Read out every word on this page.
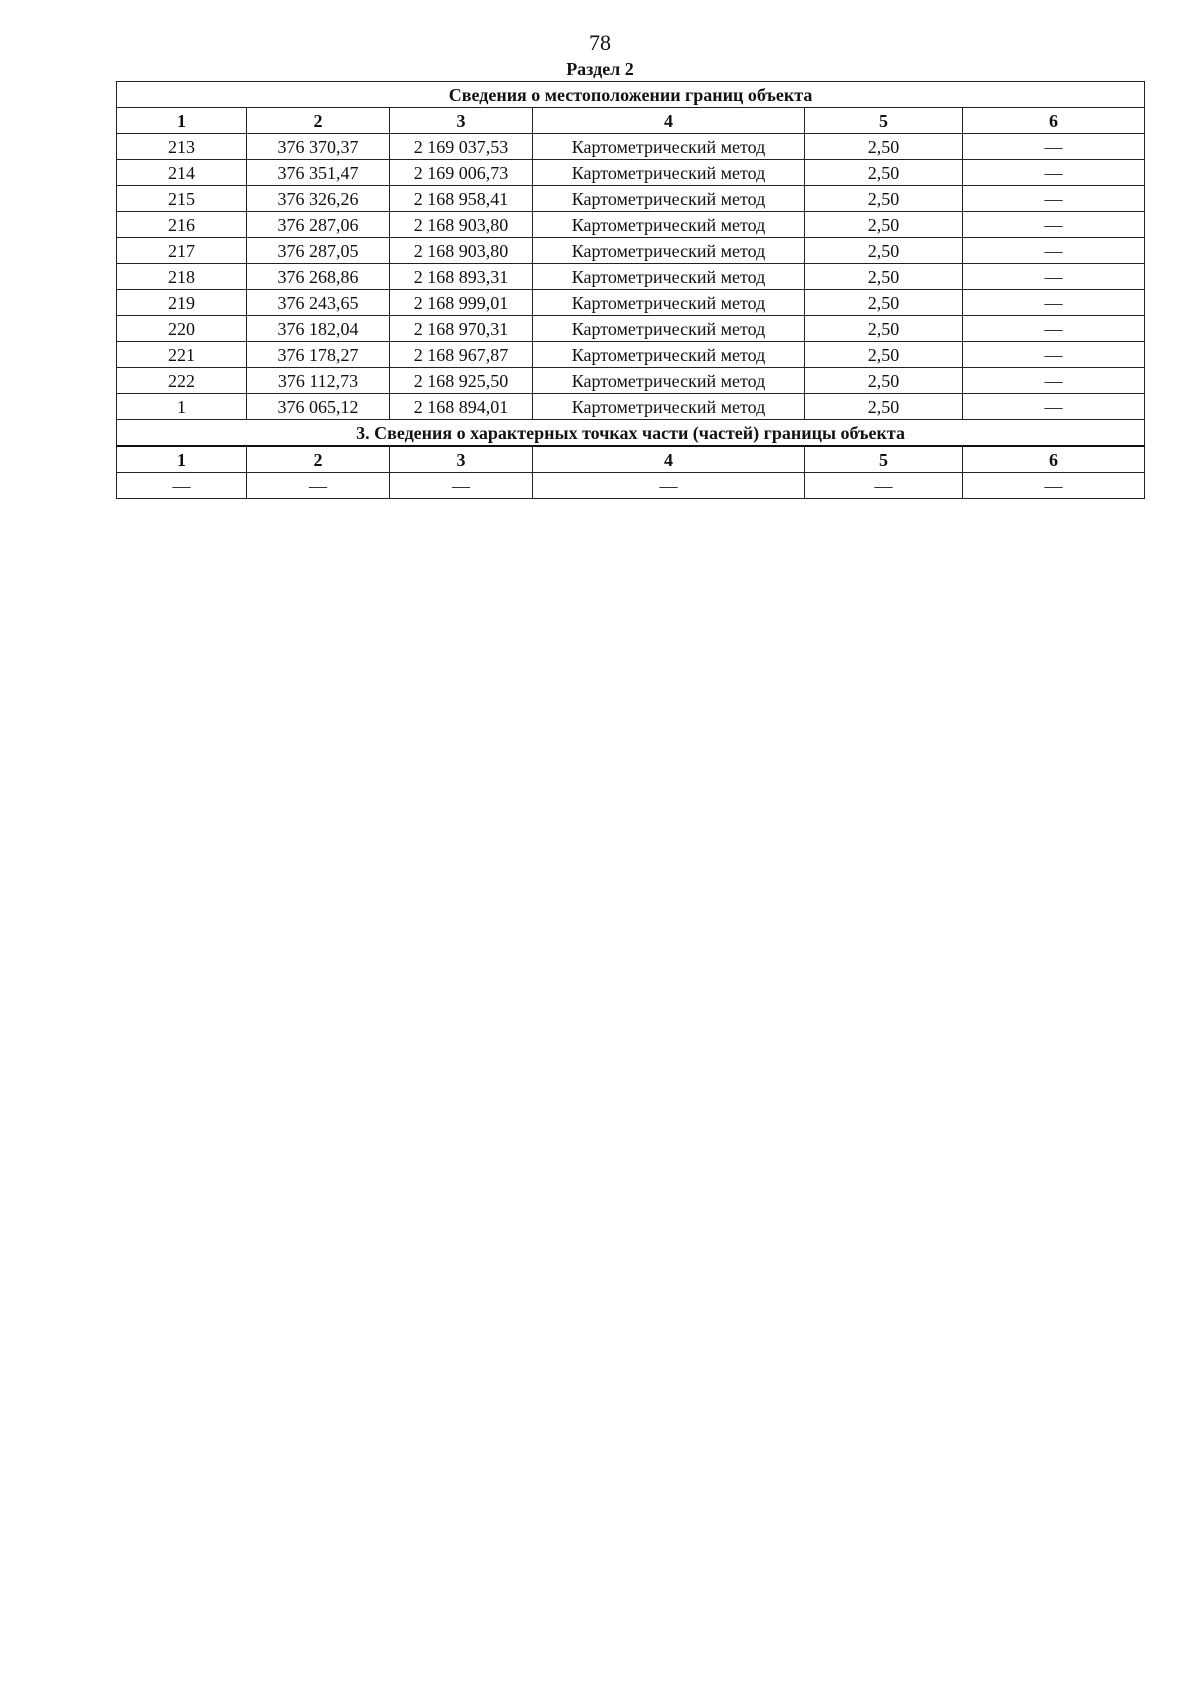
78
Раздел 2
Сведения о местоположении границ объекта					
1	2	3	4	5	6
213	376 370,37	2 169 037,53	Картометрический метод	2,50	—
214	376 351,47	2 169 006,73	Картометрический метод	2,50	—
215	376 326,26	2 168 958,41	Картометрический метод	2,50	—
216	376 287,06	2 168 903,80	Картометрический метод	2,50	—
217	376 287,05	2 168 903,80	Картометрический метод	2,50	—
218	376 268,86	2 168 893,31	Картометрический метод	2,50	—
219	376 243,65	2 168 999,01	Картометрический метод	2,50	—
220	376 182,04	2 168 970,31	Картометрический метод	2,50	—
221	376 178,27	2 168 967,87	Картометрический метод	2,50	—
222	376 112,73	2 168 925,50	Картометрический метод	2,50	—
1	376 065,12	2 168 894,01	Картометрический метод	2,50	—
3. Сведения о характерных точках части (частей) границы объекта					
1	2	3	4	5	6
—	—	—	—	—	—
